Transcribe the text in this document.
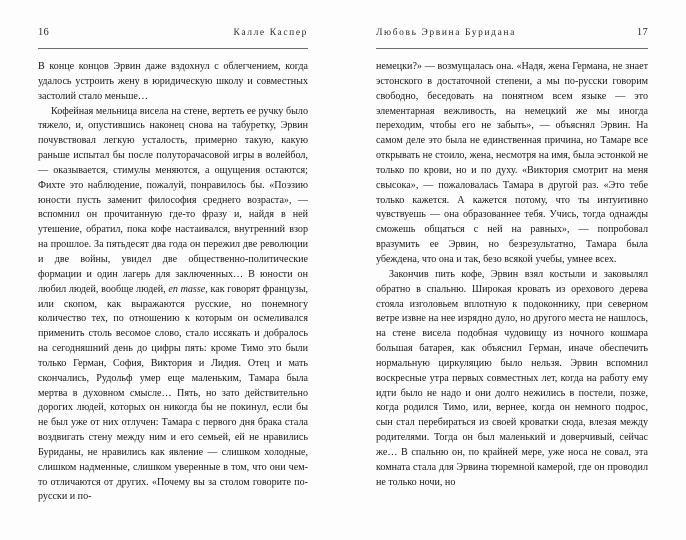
16	Калле Каспер

В конце концов Эрвин даже вздохнул с облегчением, когда удалось устроить жену в юридическую школу и совместных застолий стало меньше…

Кофейная мельница висела на стене, вертеть ее ручку было тяжело, и, опустившись наконец снова на табуретку, Эрвин почувствовал легкую усталость, примерно такую, какую раньше испытал бы после полуторачасовой игры в волейбол, — оказывается, стимулы меняются, а ощущения остаются; Фихте это наблюдение, пожалуй, понравилось бы. «Поэзию юности пусть заменит философия среднего возраста», — вспомнил он прочитанную где-то фразу и, найдя в ней утешение, обратил, пока кофе настаивался, внутренний взор на прошлое. За пятьдесят два года он пережил две революции и две войны, увидел две общественно-политические формации и один лагерь для заключенных… В юности он любил людей, вообще людей, en masse, как говорят французы, или скопом, как выражаются русские, но понемногу количество тех, по отношению к которым он осмеливался применить столь весомое слово, стало иссякать и добралось на сегодняшний день до цифры пять: кроме Тимо это были только Герман, София, Виктория и Лидия. Отец и мать скончались, Рудольф умер еще маленьким, Тамара была мертва в духовном смысле… Пять, но зато действительно дорогих людей, которых он никогда бы не покинул, если бы не был уже от них отлучен: Тамара с первого дня брака стала воздвигать стену между ним и его семьей, ей не нравились Буриданы, не нравились как явление — слишком холодные, слишком надменные, слишком уверенные в том, что они чем-то отличаются от других. «Почему вы за столом говорите по-русски и по-

Любовь Эрвина Буридана	17

немецки?» — возмущалась она. «Надя, жена Германа, не знает эстонского в достаточной степени, а мы по-русски говорим свободно, беседовать на понятном всем языке — это элементарная вежливость, на немецкий же мы иногда переходим, чтобы его не забыть», — объяснял Эрвин. На самом деле это была не единственная причина, но Тамаре все открывать не стоило, жена, несмотря на имя, была эстонкой не только по крови, но и по духу. «Виктория смотрит на меня свысока», — пожаловалась Тамара в другой раз. «Это тебе только кажется. А кажется потому, что ты интуитивно чувствуешь — она образованнее тебя. Учись, тогда однажды сможешь общаться с ней на равных», — попробовал вразумить ее Эрвин, но безрезультатно, Тамара была убеждена, что она и так, безо всякой учебы, умнее всех.

Закончив пить кофе, Эрвин взял костыли и заковылял обратно в спальню. Широкая кровать из орехового дерева стояла изголовьем вплотную к подоконнику, при северном ветре извне на нее изрядно дуло, но другого места не нашлось, на стене висела подобная чудовищу из ночного кошмара большая батарея, как объяснил Герман, иначе обеспечить нормальную циркуляцию было нельзя. Эрвин вспомнил воскресные утра первых совместных лет, когда на работу ему идти было не надо и они долго нежились в постели, позже, когда родился Тимо, или, вернее, когда он немного подрос, сын стал перебираться из своей кроватки сюда, влезая между родителями. Тогда он был маленький и доверчивый, сейчас же… В спальню он, по крайней мере, уже носа не совал, эта комната стала для Эрвина тюремной камерой, где он проводил не только ночи, но
